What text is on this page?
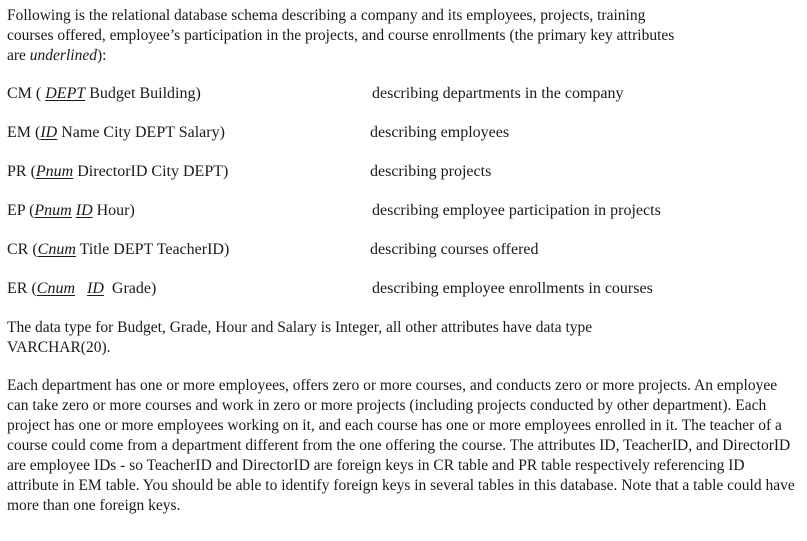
Following is the relational database schema describing a company and its employees, projects, training
courses offered, employee’s participation in the projects, and course enrollments (the primary key attributes
are underlined):
CM ( DEPT Budget Building)	describing departments in the company
EM (ID Name City DEPT Salary)	describing employees
PR (Pnum DirectorID City DEPT)	describing projects
EP (Pnum ID Hour)	describing employee participation in projects
CR (Cnum Title DEPT TeacherID)	describing courses offered
ER (Cnum ID Grade)	describing employee enrollments in courses
The data type for Budget, Grade, Hour and Salary is Integer, all other attributes have data type VARCHAR(20).
Each department has one or more employees, offers zero or more courses, and conducts zero or more projects. An employee can take zero or more courses and work in zero or more projects (including projects conducted by other department). Each project has one or more employees working on it, and each course has one or more employees enrolled in it. The teacher of a course could come from a department different from the one offering the course. The attributes ID, TeacherID, and DirectorID are employee IDs - so TeacherID and DirectorID are foreign keys in CR table and PR table respectively referencing ID attribute in EM table. You should be able to identify foreign keys in several tables in this database. Note that a table could have more than one foreign keys.
